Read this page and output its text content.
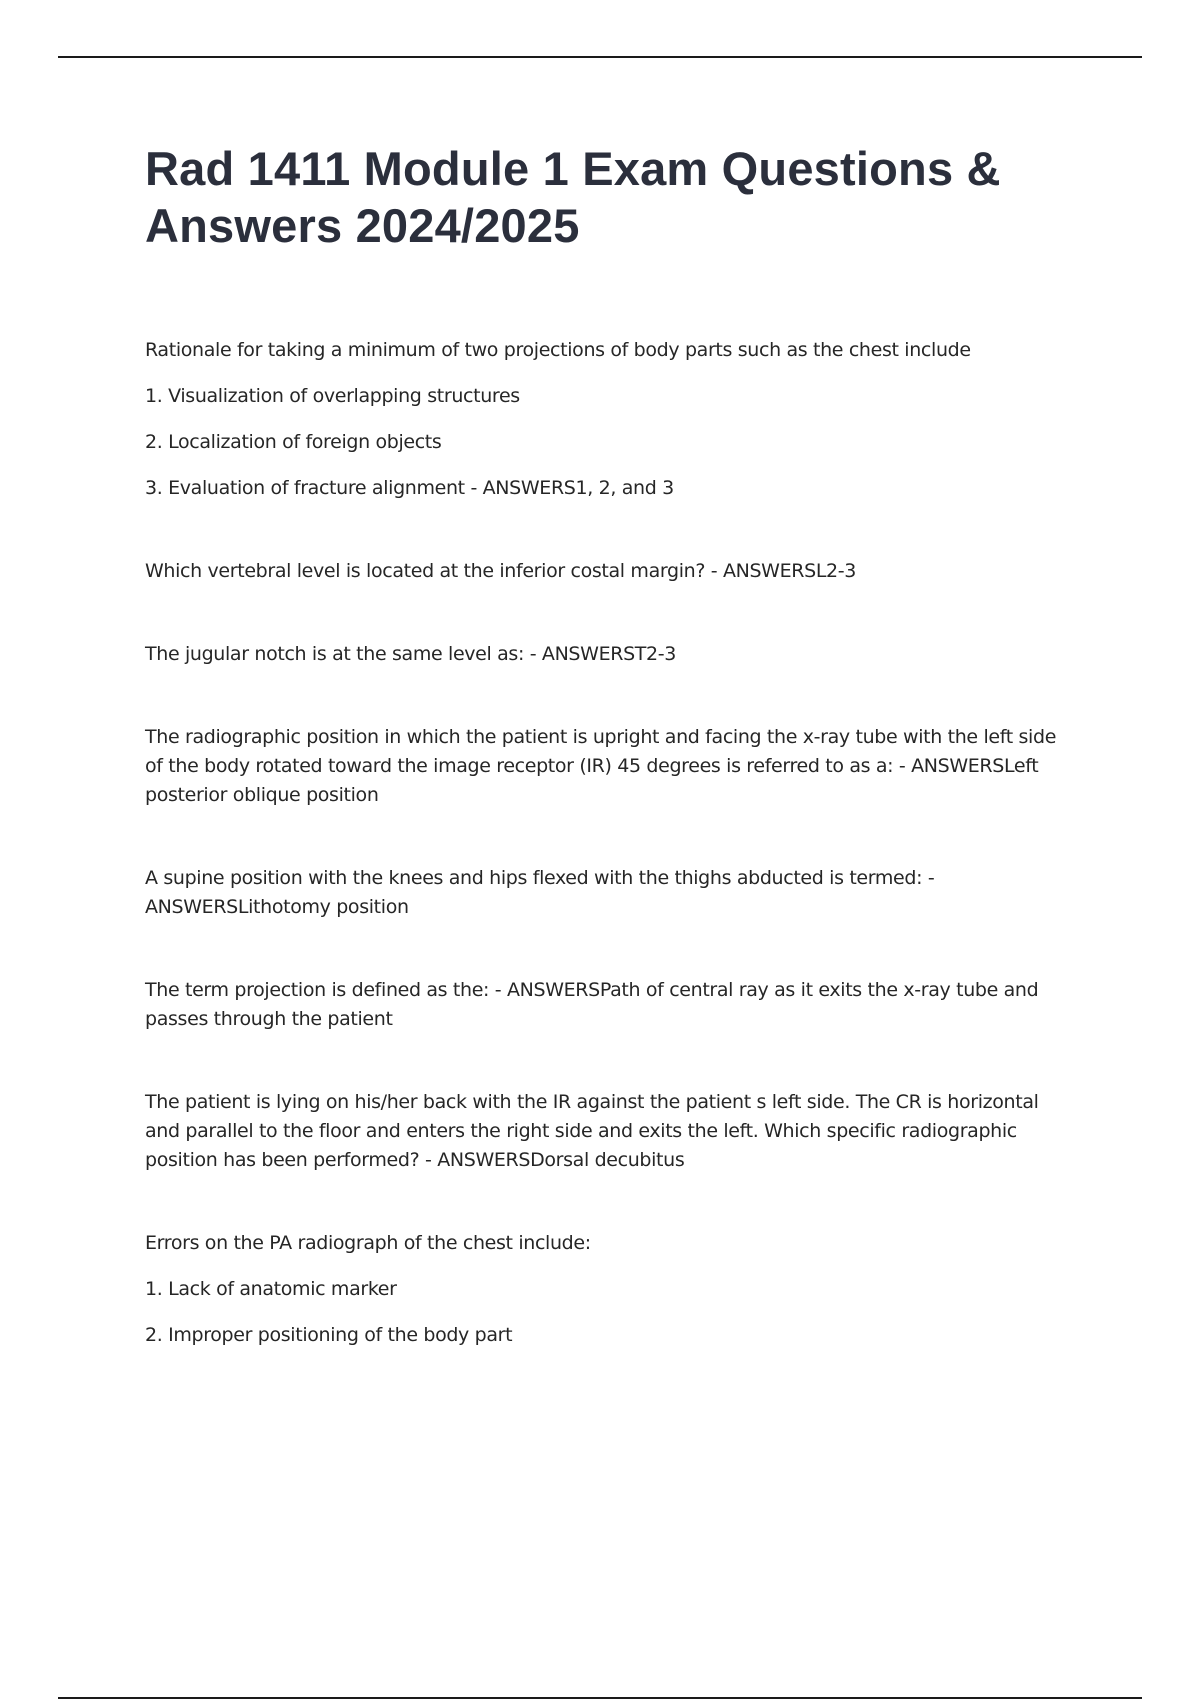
Rad 1411 Module 1 Exam Questions & Answers 2024/2025

Rationale for taking a minimum of two projections of body parts such as the chest include

1. Visualization of overlapping structures

2. Localization of foreign objects

3. Evaluation of fracture alignment - ANSWERS1, 2, and 3

Which vertebral level is located at the inferior costal margin? - ANSWERSL2-3

The jugular notch is at the same level as: - ANSWERST2-3

The radiographic position in which the patient is upright and facing the x-ray tube with the left side of the body rotated toward the image receptor (IR) 45 degrees is referred to as a: - ANSWERSLeft posterior oblique position

A supine position with the knees and hips flexed with the thighs abducted is termed: - ANSWERSLithotomy position

The term projection is defined as the: - ANSWERSPath of central ray as it exits the x-ray tube and passes through the patient

The patient is lying on his/her back with the IR against the patient s left side. The CR is horizontal and parallel to the floor and enters the right side and exits the left. Which specific radiographic position has been performed? - ANSWERSDorsal decubitus

Errors on the PA radiograph of the chest include:

1. Lack of anatomic marker

2. Improper positioning of the body part
